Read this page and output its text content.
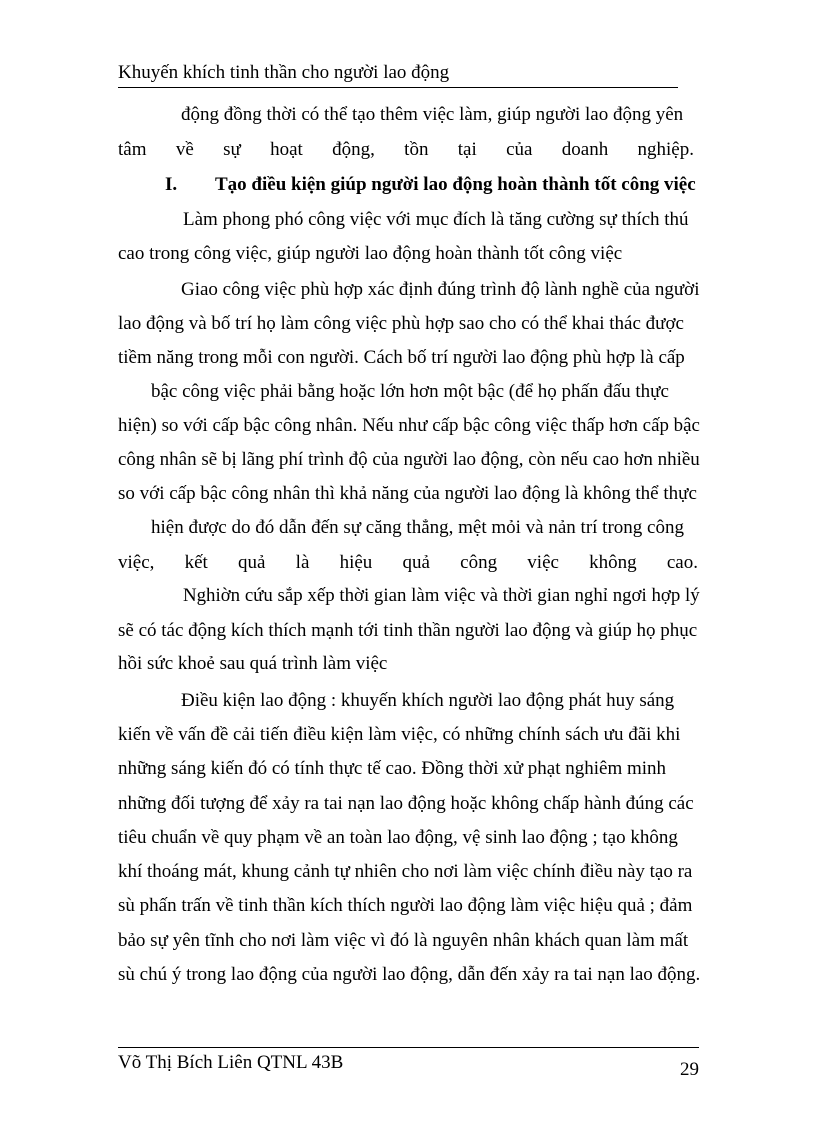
Khuyến khích tinh thần cho người lao động
động đồng thời có thể tạo thêm việc làm, giúp người lao động yên
tâm về sự hoạt động, tồn tại của doanh nghiệp.
I. Tạo điều kiện giúp người lao động hoàn thành tốt công việc
Làm phong phó công việc với mục đích là tăng cường sự thích thú
cao trong công việc, giúp người lao động hoàn thành tốt công việc
Giao công việc phù hợp xác định đúng trình độ lành nghề của người
lao động và bố trí họ làm công việc phù hợp sao cho có thể khai thác được
tiềm năng trong mỗi con người. Cách bố trí người lao động phù hợp là cấp
bậc công việc phải bằng hoặc lớn hơn một bậc (để họ phấn đấu thực
hiện) so với cấp bậc công nhân. Nếu như cấp bậc công việc thấp hơn cấp bậc
công nhân sẽ bị lãng phí trình độ của người lao động, còn nếu cao hơn nhiều
so với cấp bậc công nhân thì khả năng của người lao động là không thể thực
hiện được do đó dẫn đến sự căng thẳng, mệt mỏi và nản trí trong công
việc, kết quả là hiệu quả công việc không cao.
Nghiờn cứu sắp xếp thời gian làm việc và thời gian nghỉ ngơi hợp lý
sẽ có tác động kích thích mạnh tới tinh thần người lao động và giúp họ phục
hồi sức khoẻ sau quá trình làm việc
Điều kiện lao động : khuyến khích người lao động phát huy sáng
kiến về vấn đề cải tiến điều kiện làm việc, có những chính sách ưu đãi khi
những sáng kiến đó có tính thực tế cao. Đồng thời xử phạt nghiêm minh
những đối tượng để xảy ra tai nạn lao động hoặc không chấp hành đúng các
tiêu chuẩn về quy phạm về an toàn lao động, vệ sinh lao động ; tạo không
khí thoáng mát, khung cảnh tự nhiên cho nơi làm việc chính điều này tạo ra
sù phấn trấn về tinh thần kích thích người lao động làm việc hiệu quả ; đảm
bảo sự yên tĩnh cho nơi làm việc vì đó là nguyên nhân khách quan làm mất
sù chú ý trong lao động của người lao động, dẫn đến xảy ra tai nạn lao động.
Võ Thị Bích Liên QTNL 43B	29
